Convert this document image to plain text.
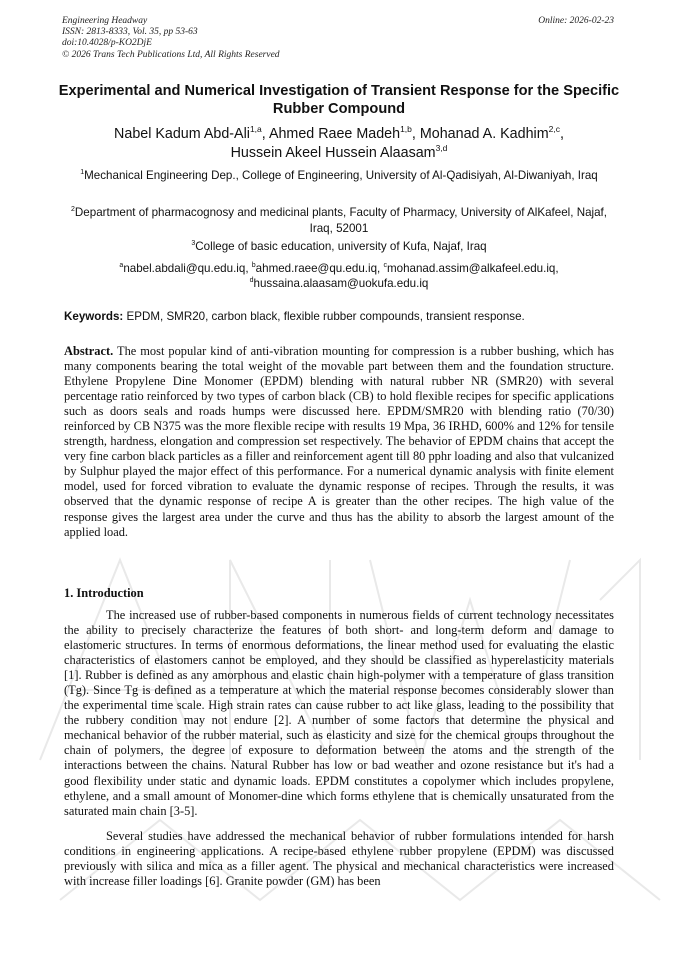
Engineering Headway
ISSN: 2813-8333, Vol. 35, pp 53-63
doi:10.4028/p-KO2DjE
© 2026 Trans Tech Publications Ltd, All Rights Reserved
Online: 2026-02-23
Experimental and Numerical Investigation of Transient Response for the Specific Rubber Compound
Nabel Kadum Abd-Ali$^{1,a}$, Ahmed Raee Madeh$^{1,b}$, Mohanad A. Kadhim$^{2,c}$,
Hussein Akeel Hussein Alaasam$^{3,d}$
$^1$Mechanical Engineering Dep., College of Engineering, University of Al-Qadisiyah, Al-Diwaniyah, Iraq
$^2$Department of pharmacognosy and medicinal plants, Faculty of Pharmacy, University of AlKafeel, Najaf, Iraq, 52001
$^3$College of basic education, university of Kufa, Najaf, Iraq
$^a$nabel.abdali@qu.edu.iq, $^b$ahmed.raee@qu.edu.iq, $^c$mohanad.assim@alkafeel.edu.iq,
$^d$hussaina.alaasam@uokufa.edu.iq
Keywords: EPDM, SMR20, carbon black, flexible rubber compounds, transient response.

Abstract. The most popular kind of anti-vibration mounting for compression is a rubber bushing, which has many components bearing the total weight of the movable part between them and the foundation structure. Ethylene Propylene Dine Monomer (EPDM) blending with natural rubber NR (SMR20) with several percentage ratio reinforced by two types of carbon black (CB) to hold flexible recipes for specific applications such as doors seals and roads humps were discussed here. EPDM/SMR20 with blending ratio (70/30) reinforced by CB N375 was the more flexible recipe with results 19 Mpa, 36 IRHD, 600% and 12% for tensile strength, hardness, elongation and compression set respectively. The behavior of EPDM chains that accept the very fine carbon black particles as a filler and reinforcement agent till 80 pphr loading and also that vulcanized by Sulphur played the major effect of this performance. For a numerical dynamic analysis with finite element model, used for forced vibration to evaluate the dynamic response of recipes. Through the results, it was observed that the dynamic response of recipe A is greater than the other recipes. The high value of the response gives the largest area under the curve and thus has the ability to absorb the largest amount of the applied load.

1. Introduction

The increased use of rubber-based components in numerous fields of current technology necessitates the ability to precisely characterize the features of both short- and long-term deform and damage to elastomeric structures. In terms of enormous deformations, the linear method used for evaluating the elastic characteristics of elastomers cannot be employed, and they should be classified as hyperelasticity materials [1]. Rubber is defined as any amorphous and elastic chain high-polymer with a temperature of glass transition (Tg). Since Tg is defined as a temperature at which the material response becomes considerably slower than the experimental time scale. High strain rates can cause rubber to act like glass, leading to the possibility that the rubbery condition may not endure [2]. A number of some factors that determine the physical and mechanical behavior of the rubber material, such as elasticity and size for the chemical groups throughout the chain of polymers, the degree of exposure to deformation between the atoms and the strength of the interactions between the chains. Natural Rubber has low or bad weather and ozone resistance but it's had a good flexibility under static and dynamic loads. EPDM constitutes a copolymer which includes propylene, ethylene, and a small amount of Monomer-dine which forms ethylene that is chemically unsaturated from the saturated main chain [3-5].

Several studies have addressed the mechanical behavior of rubber formulations intended for harsh conditions in engineering applications. A recipe-based ethylene rubber propylene (EPDM) was discussed previously with silica and mica as a filler agent. The physical and mechanical characteristics were increased with increase filler loadings [6]. Granite powder (GM) has been
